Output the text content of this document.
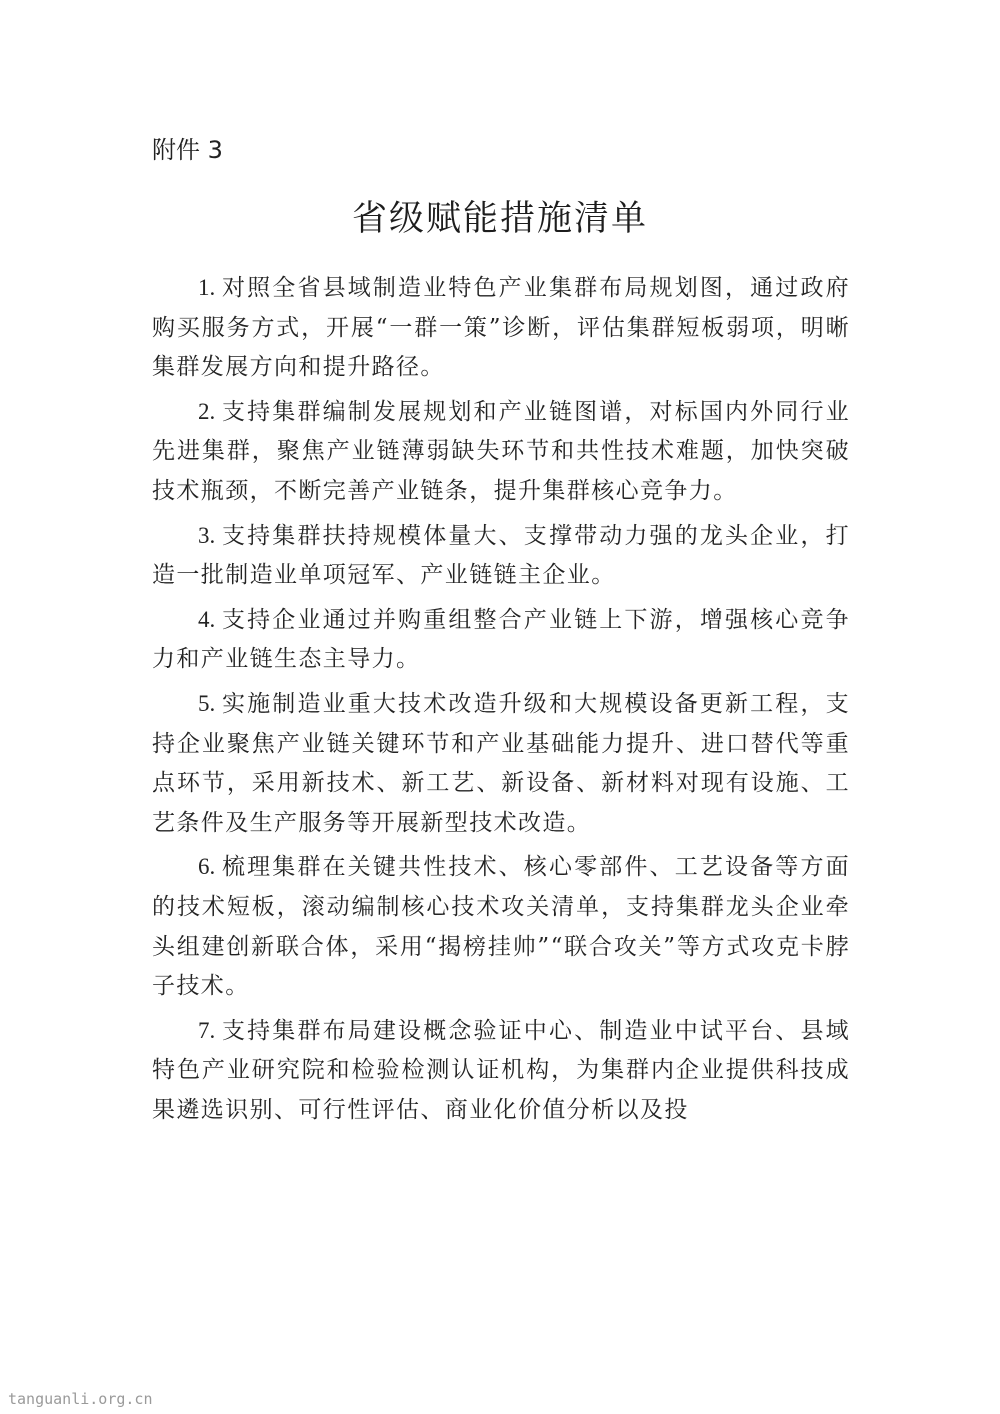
附件 3
省级赋能措施清单

1. 对照全省县域制造业特色产业集群布局规划图，通过政府购买服务方式，开展“一群一策”诊断，评估集群短板弱项，明晰集群发展方向和提升路径。

2. 支持集群编制发展规划和产业链图谱，对标国内外同行业先进集群，聚焦产业链薄弱缺失环节和共性技术难题，加快突破技术瓶颈，不断完善产业链条，提升集群核心竞争力。

3. 支持集群扶持规模体量大、支撑带动力强的龙头企业，打造一批制造业单项冠军、产业链链主企业。

4. 支持企业通过并购重组整合产业链上下游，增强核心竞争力和产业链生态主导力。

5. 实施制造业重大技术改造升级和大规模设备更新工程，支持企业聚焦产业链关键环节和产业基础能力提升、进口替代等重点环节，采用新技术、新工艺、新设备、新材料对现有设施、工艺条件及生产服务等开展新型技术改造。

6. 梳理集群在关键共性技术、核心零部件、工艺设备等方面的技术短板，滚动编制核心技术攻关清单，支持集群龙头企业牵头组建创新联合体，采用“揭榜挂帅”“联合攻关”等方式攻克卡脖子技术。

7. 支持集群布局建设概念验证中心、制造业中试平台、县域特色产业研究院和检验检测认证机构，为集群内企业提供科技成果遴选识别、可行性评估、商业化价值分析以及投

tanguanli.org.cn
